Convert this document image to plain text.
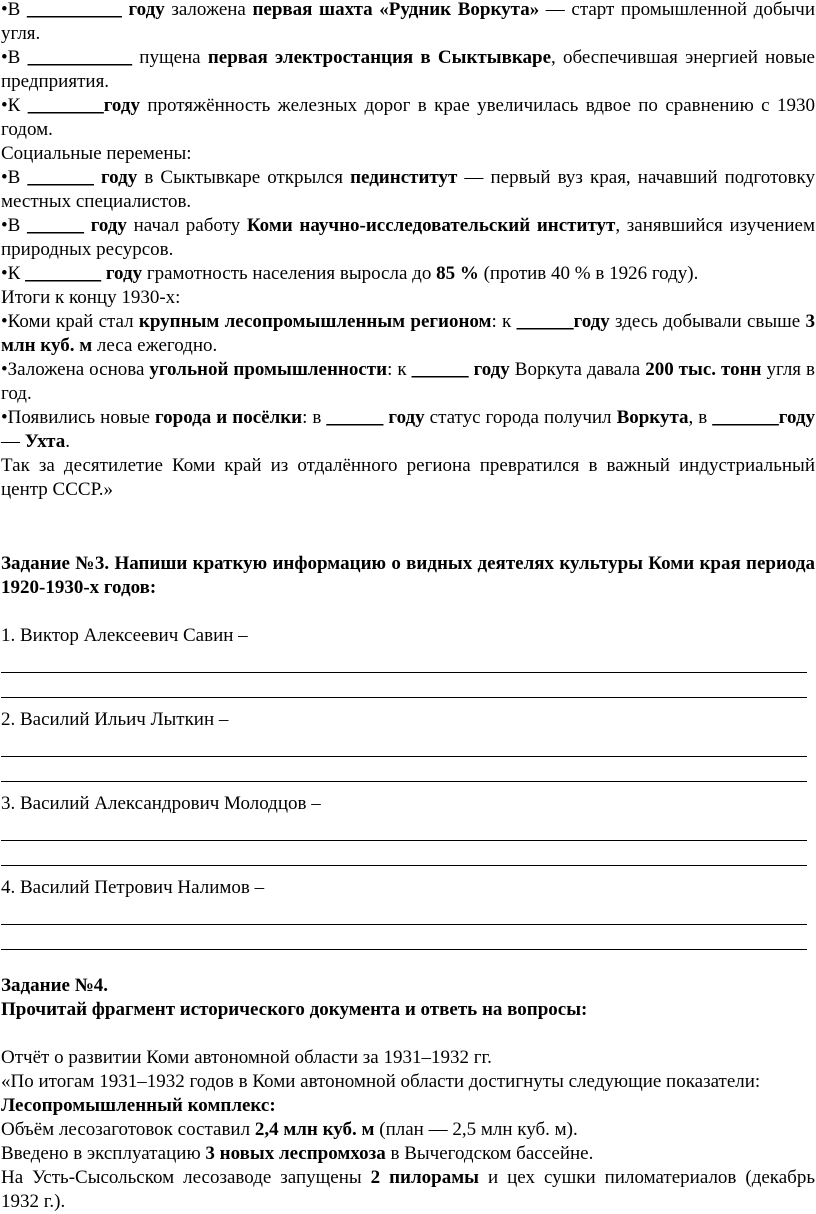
•В __________ году заложена первая шахта «Рудник Воркута» — старт промышленной добычи угля.

•В ___________ пущена первая электростанция в Сыктывкаре, обеспечившая энергией новые предприятия.

•К ________году протяжённость железных дорог в крае увеличилась вдвое по сравнению с 1930 годом.

Социальные перемены:

•В _______ году в Сыктывкаре открылся пединститут — первый вуз края, начавший подготовку местных специалистов.

•В ______ году начал работу Коми научно-исследовательский институт, занявшийся изучением природных ресурсов.

•К ________ году грамотность населения выросла до 85 % (против 40 % в 1926 году).

Итоги к концу 1930-х:

•Коми край стал крупным лесопромышленным регионом: к ______году здесь добывали свыше 3 млн куб. м леса ежегодно.

•Заложена основа угольной промышленности: к ______ году Воркута давала 200 тыс. тонн угля в год.

•Появились новые города и посёлки: в ______ году статус города получил Воркута, в _______году — Ухта.

Так за десятилетие Коми край из отдалённого региона превратился в важный индустриальный центр СССР.»

Задание №3. Напиши краткую информацию о видных деятелях культуры Коми края периода 1920-1930-х годов:

1. Виктор Алексеевич Савин –

2. Василий Ильич Лыткин –

3. Василий Александрович Молодцов –

4. Василий Петрович Налимов –

Задание №4.

Прочитай фрагмент исторического документа и ответь на вопросы:

Отчёт о развитии Коми автономной области за 1931–1932 гг.

«По итогам 1931–1932 годов в Коми автономной области достигнуты следующие показатели:

Лесопромышленный комплекс:

Объём лесозаготовок составил 2,4 млн куб. м (план — 2,5 млн куб. м).

Введено в эксплуатацию 3 новых леспромхоза в Вычегодском бассейне.

На Усть-Сысольском лесозаводе запущены 2 пилорамы и цех сушки пиломатериалов (декабрь 1932 г.).
